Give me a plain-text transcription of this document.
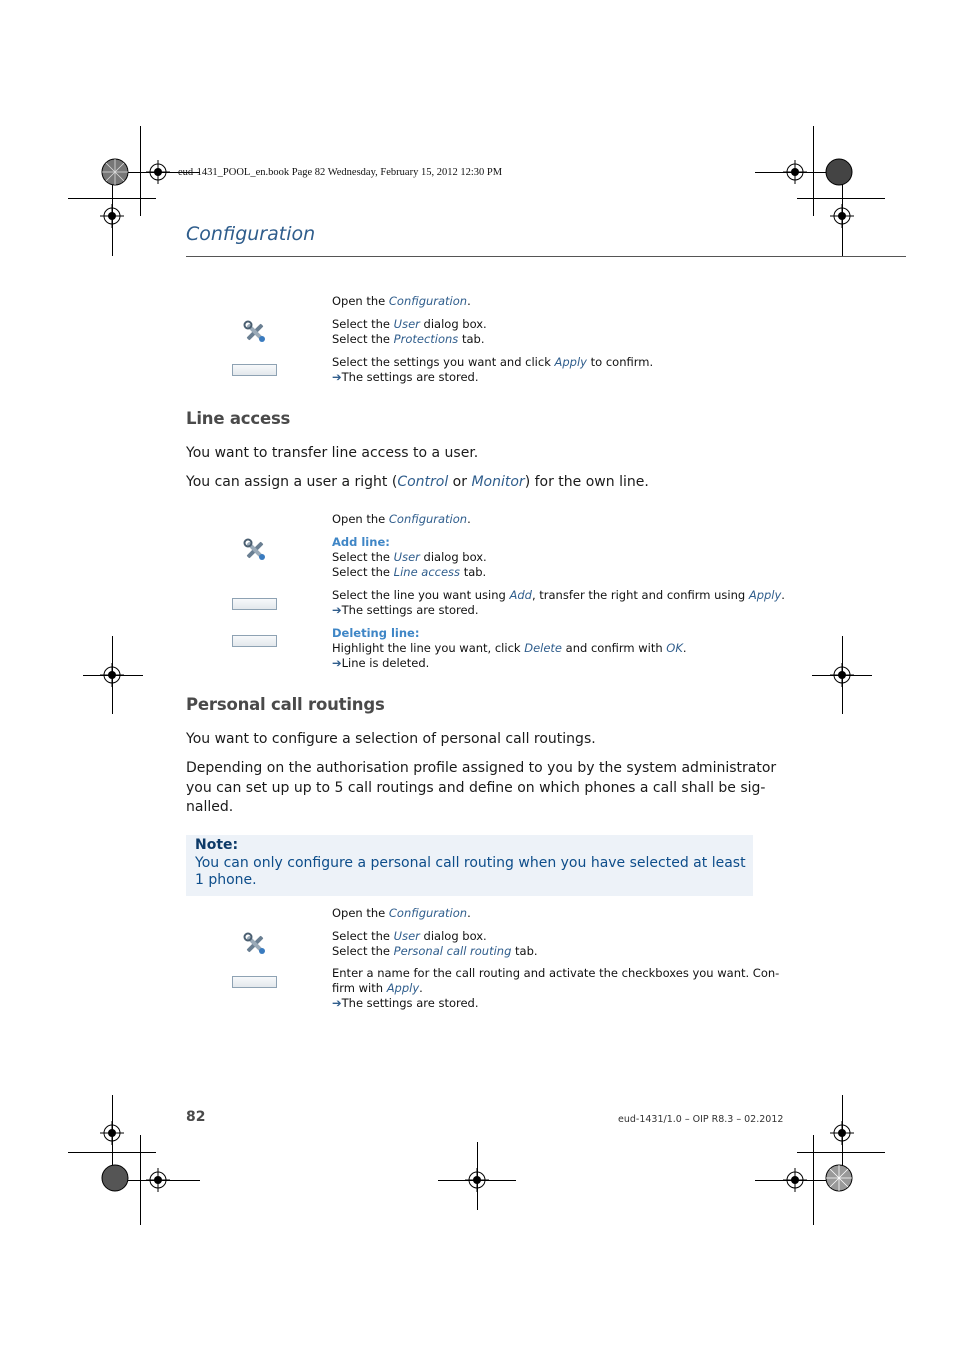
eud-1431_POOL_en.book Page 82 Wednesday, February 15, 2012 12:30 PM
Configuration
Open the Configuration.
Select the User dialog box.
Select the Protections tab.
Select the settings you want and click Apply to confirm.
➔The settings are stored.
Line access
You want to transfer line access to a user.
You can assign a user a right (Control or Monitor) for the own line.
Open the Configuration.
Add line:
Select the User dialog box.
Select the Line access tab.
Select the line you want using Add, transfer the right and confirm using Apply.
➔The settings are stored.
Deleting line:
Highlight the line you want, click Delete and confirm with OK.
➔Line is deleted.
Personal call routings
You want to configure a selection of personal call routings.
Depending on the authorisation profile assigned to you by the system administrator
you can set up up to 5 call routings and define on which phones a call shall be sig-
nalled.
Note:
You can only configure a personal call routing when you have selected at least
1 phone.
Open the Configuration.
Select the User dialog box.
Select the Personal call routing tab.
Enter a name for the call routing and activate the checkboxes you want. Con-
firm with Apply.
➔The settings are stored.
82	eud-1431/1.0 – OIP R8.3 – 02.2012
